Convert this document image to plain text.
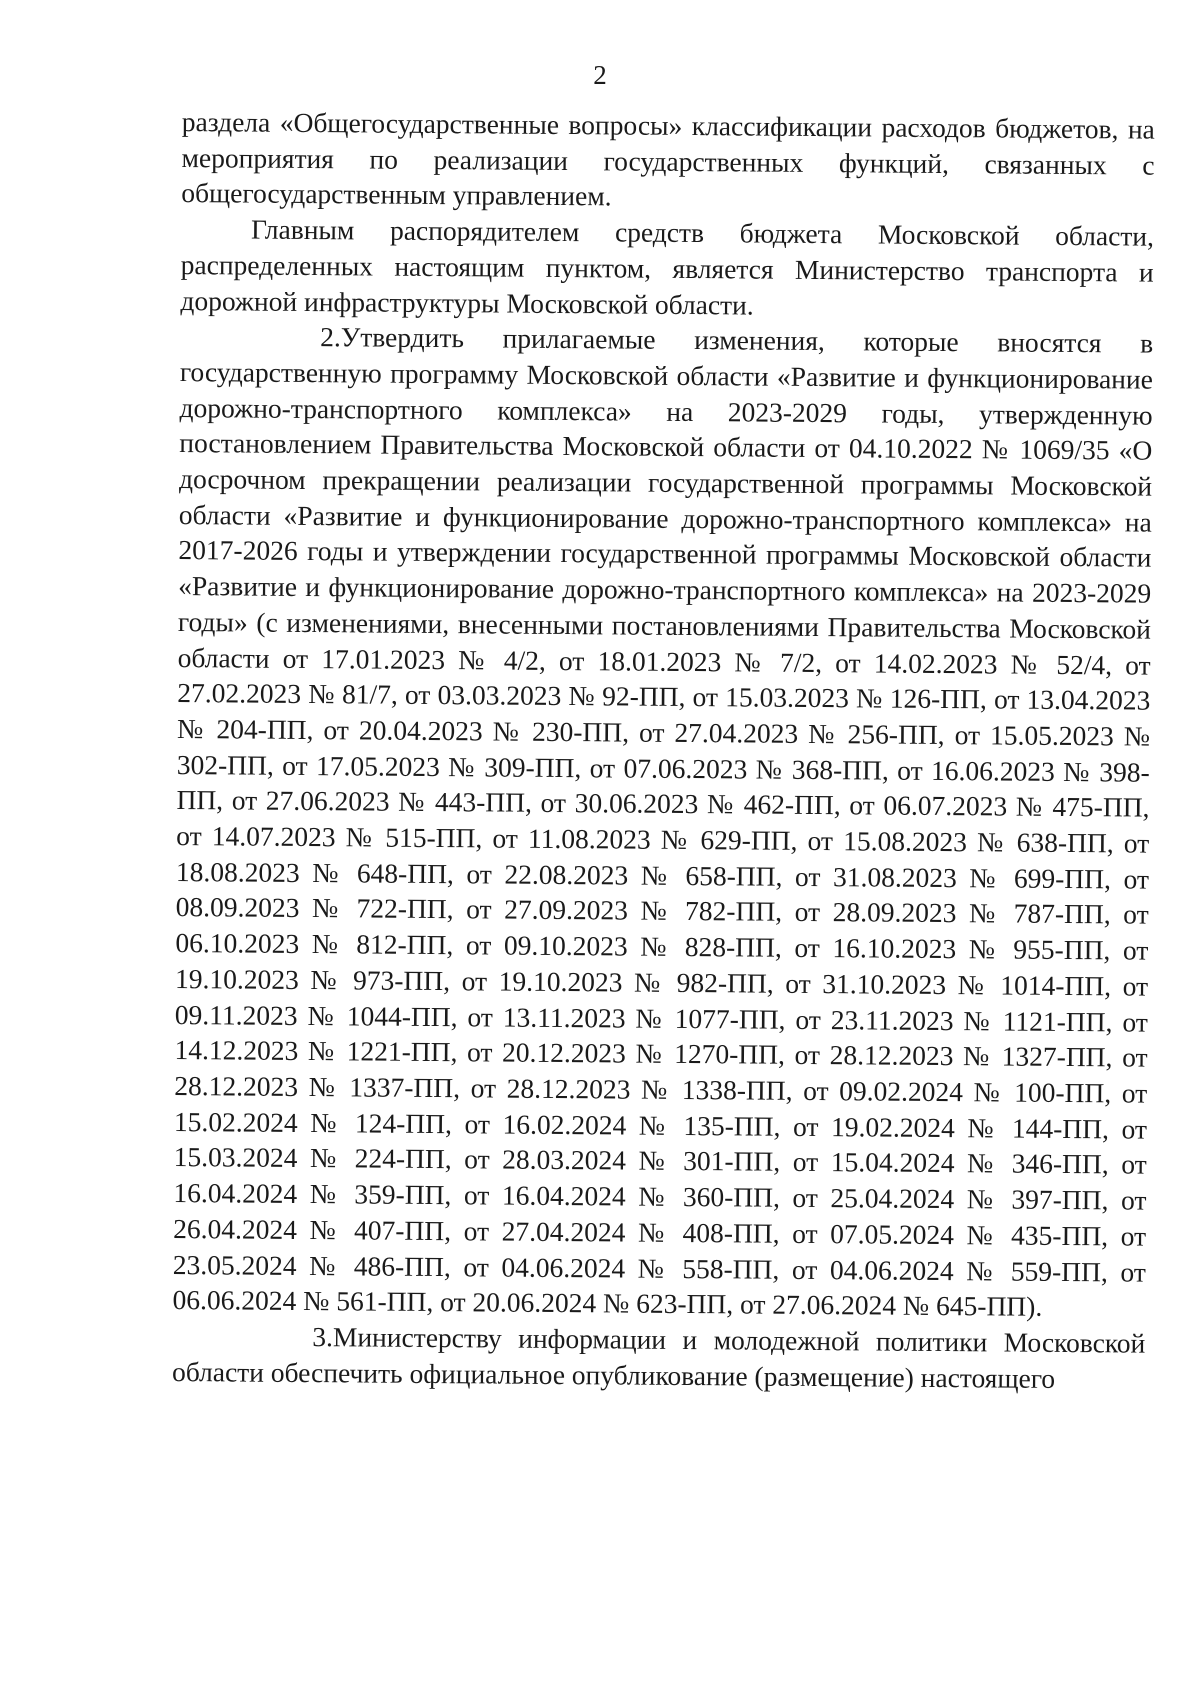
2

раздела «Общегосударственные вопросы» классификации расходов бюджетов, на мероприятия по реализации государственных функций, связанных с общегосударственным управлением.

Главным распорядителем средств бюджета Московской области, распределенных настоящим пунктом, является Министерство транспорта и дорожной инфраструктуры Московской области.

2.Утвердить прилагаемые изменения, которые вносятся в государственную программу Московской области «Развитие и функционирование дорожно-транспортного комплекса» на 2023-2029 годы, утвержденную постановлением Правительства Московской области от 04.10.2022 № 1069/35 «О досрочном прекращении реализации государственной программы Московской области «Развитие и функционирование дорожно-транспортного комплекса» на 2017-2026 годы и утверждении государственной программы Московской области «Развитие и функционирование дорожно-транспортного комплекса» на 2023-2029 годы» (с изменениями, внесенными постановлениями Правительства Московской области от 17.01.2023 № 4/2, от 18.01.2023 № 7/2, от 14.02.2023 № 52/4, от 27.02.2023 № 81/7, от 03.03.2023 № 92-ПП, от 15.03.2023 № 126-ПП, от 13.04.2023 № 204-ПП, от 20.04.2023 № 230-ПП, от 27.04.2023 № 256-ПП, от 15.05.2023 № 302-ПП, от 17.05.2023 № 309-ПП, от 07.06.2023 № 368-ПП, от 16.06.2023 № 398-ПП, от 27.06.2023 № 443-ПП, от 30.06.2023 № 462-ПП, от 06.07.2023 № 475-ПП, от 14.07.2023 № 515-ПП, от 11.08.2023 № 629-ПП, от 15.08.2023 № 638-ПП, от 18.08.2023 № 648-ПП, от 22.08.2023 № 658-ПП, от 31.08.2023 № 699-ПП, от 08.09.2023 № 722-ПП, от 27.09.2023 № 782-ПП, от 28.09.2023 № 787-ПП, от 06.10.2023 № 812-ПП, от 09.10.2023 № 828-ПП, от 16.10.2023 № 955-ПП, от 19.10.2023 № 973-ПП, от 19.10.2023 № 982-ПП, от 31.10.2023 № 1014-ПП, от 09.11.2023 № 1044-ПП, от 13.11.2023 № 1077-ПП, от 23.11.2023 № 1121-ПП, от 14.12.2023 № 1221-ПП, от 20.12.2023 № 1270-ПП, от 28.12.2023 № 1327-ПП, от 28.12.2023 № 1337-ПП, от 28.12.2023 № 1338-ПП, от 09.02.2024 № 100-ПП, от 15.02.2024 № 124-ПП, от 16.02.2024 № 135-ПП, от 19.02.2024 № 144-ПП, от 15.03.2024 № 224-ПП, от 28.03.2024 № 301-ПП, от 15.04.2024 № 346-ПП, от 16.04.2024 № 359-ПП, от 16.04.2024 № 360-ПП, от 25.04.2024 № 397-ПП, от 26.04.2024 № 407-ПП, от 27.04.2024 № 408-ПП, от 07.05.2024 № 435-ПП, от 23.05.2024 № 486-ПП, от 04.06.2024 № 558-ПП, от 04.06.2024 № 559-ПП, от 06.06.2024 № 561-ПП, от 20.06.2024 № 623-ПП, от 27.06.2024 № 645-ПП).

3.Министерству информации и молодежной политики Московской области обеспечить официальное опубликование (размещение) настоящего
